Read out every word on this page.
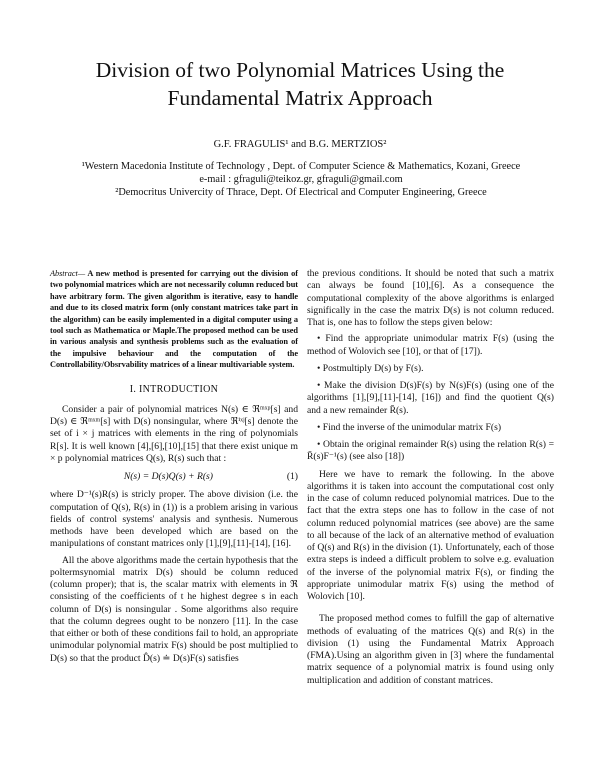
Division of two Polynomial Matrices Using the
Fundamental Matrix Approach
G.F. FRAGULIS¹ and B.G. MERTZIOS²
¹Western Macedonia Institute of Technology , Dept. of Computer Science & Mathematics, Kozani, Greece
e-mail : gfraguli@teikoz.gr, gfraguli@gmail.com
²Democritus Univercity of Thrace, Dept. Of Electrical and Computer Engineering, Greece

Abstract— A new method is presented for carrying out the division of two polynomial matrices which are not necessarily column reduced but have arbitrary form. The given algorithm is iterative, easy to handle and due to its closed matrix form (only constant matrices take part in the algorithm) can be easily implemented in a digital computer using a tool such as Mathematica or Maple.The proposed method can be used in various analysis and synthesis problems such as the evaluation of the impulsive behaviour and the computation of the Controllability/Obsrvability matrices of a linear multivariable system.

I. INTRODUCTION

Consider a pair of polynomial matrices N(s) ∈ ℜᵐˣᵖ[s] and D(s) ∈ ℜᵐˣᵐ[s] with D(s) nonsingular, where ℜⁱˣʲ[s] denote the set of i × j matrices with elements in the ring of polynomials R[s]. It is well known [4],[6],[10],[15] that there exist unique m × p polynomial matrices Q(s), R(s) such that :

N(s) = D(s)Q(s) + R(s)	(1)

where D⁻¹(s)R(s) is stricly proper. The above division (i.e. the computation of Q(s), R(s) in (1)) is a problem arising in various fields of control systems' analysis and synthesis. Numerous methods have been developed which are based on the manipulations of constant matrices only [1],[9],[11]-[14], [16].

All the above algorithms made the certain hypothesis that the poltermsynomial matrix D(s) should be column reduced (column proper); that is, the scalar matrix with elements in ℜ consisting of the coefficients of t he highest degree s in each column of D(s) is nonsingular . Some algorithms also require that the column degrees ought to be nonzero [11]. In the case that either or both of these conditions fail to hold, an appropriate unimodular polynomial matrix F(s) should be post multiplied to D(s) so that the product D̂(s) ≐ D(s)F(s) satisfies

the previous conditions. It should be noted that such a matrix can always be found [10],[6]. As a consequence the computational complexity of the above algorithms is enlarged significally in the case the matrix D(s) is not column reduced. That is, one has to follow the steps given below:

• Find the appropriate unimodular matrix F(s) (using the method of Wolovich see [10], or that of [17]).

• Postmultiply D(s) by F(s).

• Make the division D(s)F(s) by N(s)F(s) (using one of the algorithms [1],[9],[11]-[14], [16]) and find the quotient Q(s) and a new remainder R̄(s).

• Find the inverse of the unimodular matrix F(s)

• Obtain the original remainder R(s) using the relation R(s) = R̄(s)F⁻¹(s) (see also [18])

Here we have to remark the following. In the above algorithms it is taken into account the computational cost only in the case of column reduced polynomial matrices. Due to the fact that the extra steps one has to follow in the case of not column reduced polynomial matrices (see above) are the same to all because of the lack of an alternative method of evaluation of Q(s) and R(s) in the division (1). Unfortunately, each of those extra steps is indeed a difficult problem to solve e.g. evaluation of the inverse of the polynomial matrix F(s), or finding the appropriate unimodular matrix F(s) using the method of Wolovich [10].

The proposed method comes to fulfill the gap of alternative methods of evaluating of the matrices Q(s) and R(s) in the division (1) using the Fundamental Matrix Approach (FMA).Using an algorithm given in [3] where the fundamental matrix sequence of a polynomial matrix is found using only multiplication and addition of constant matrices.
